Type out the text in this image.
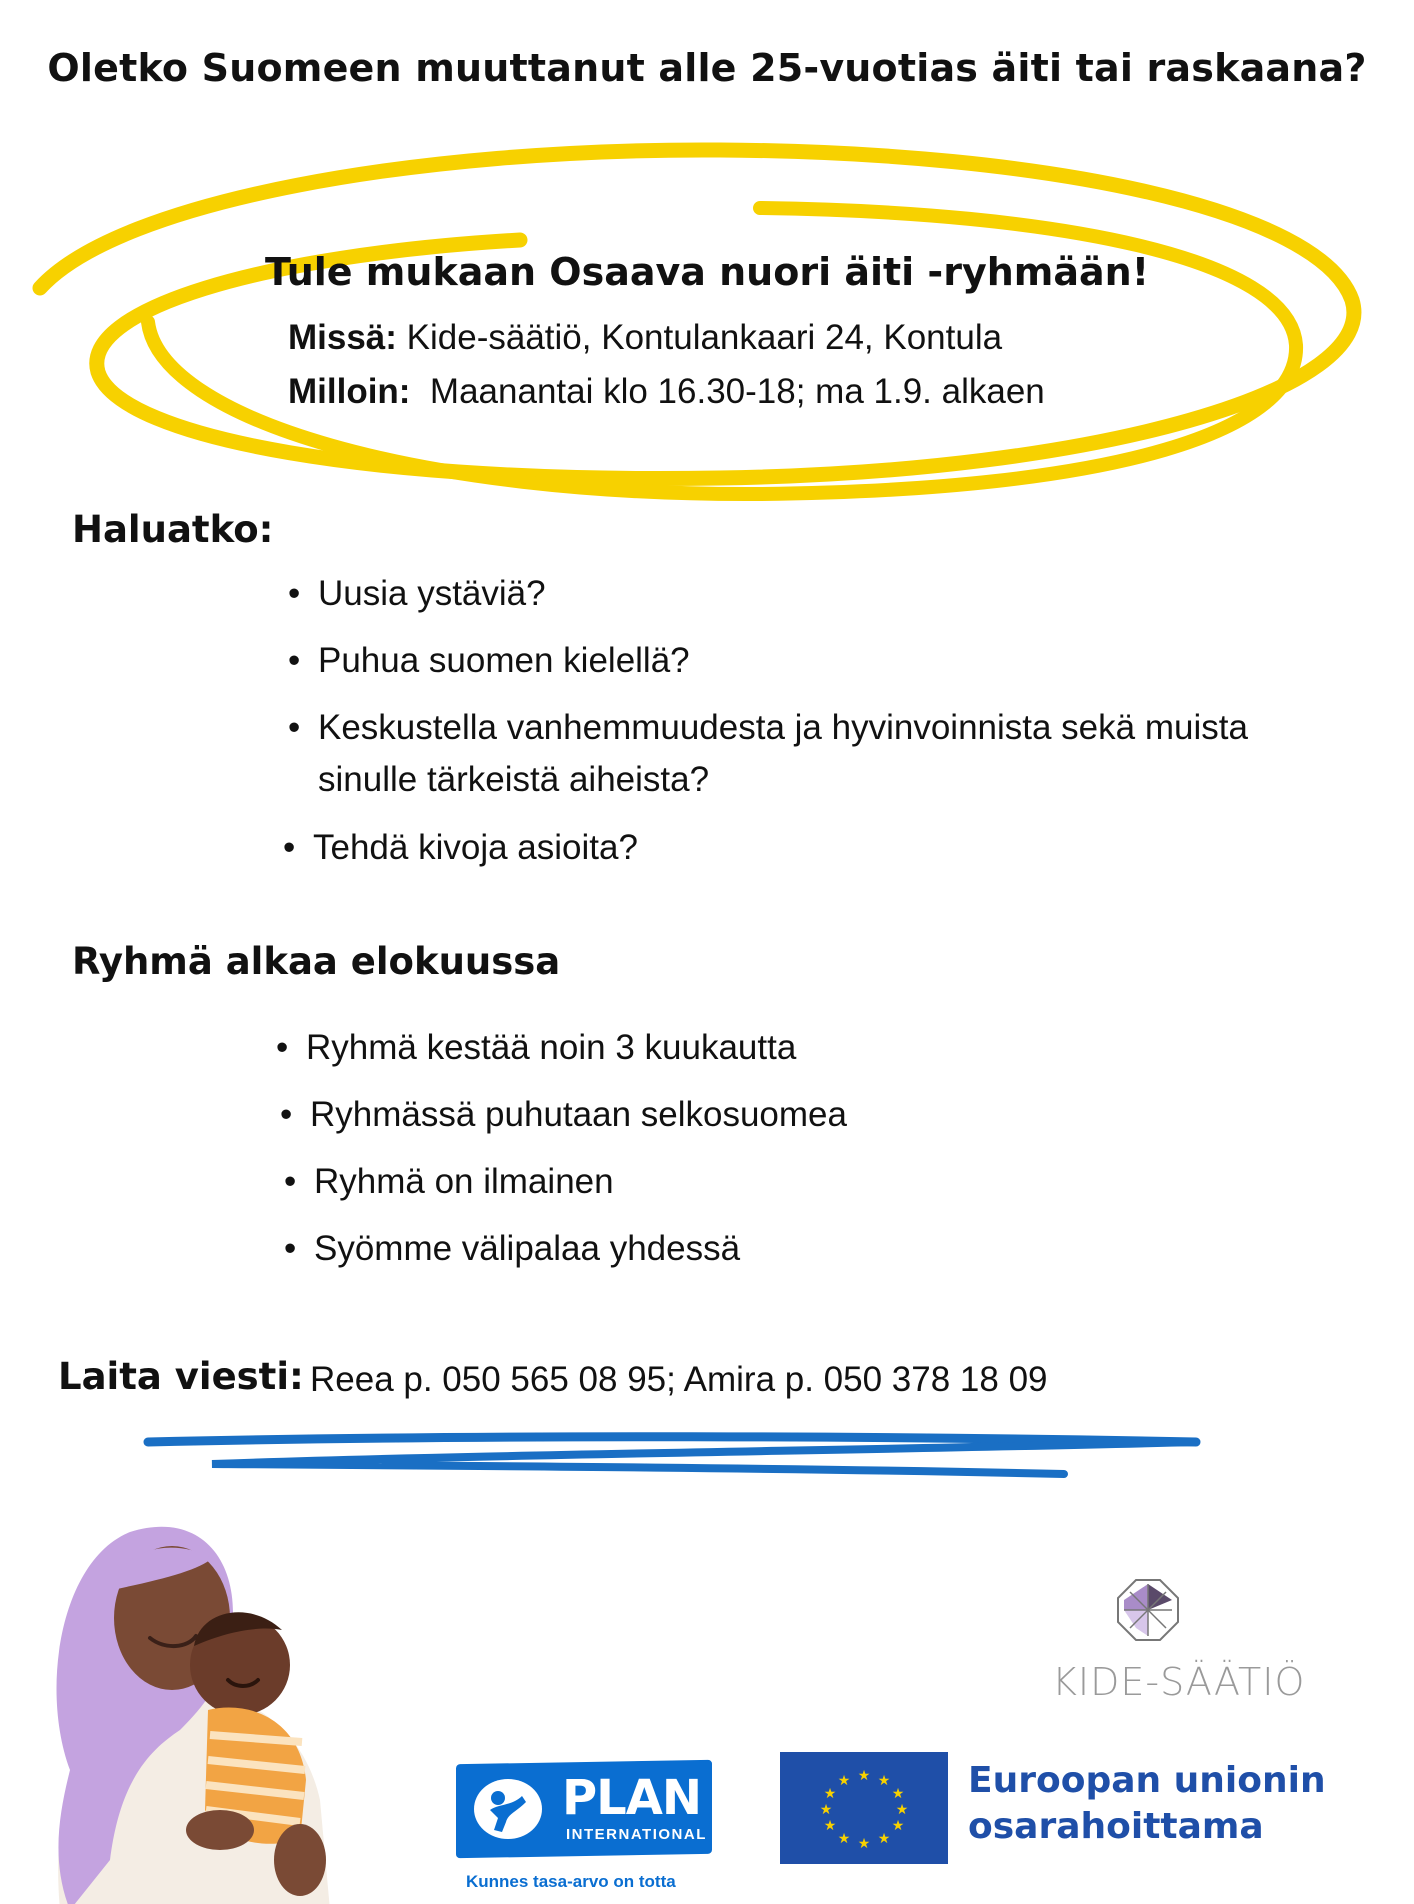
Oletko Suomeen muuttanut alle 25-vuotias äiti tai raskaana?
Tule mukaan Osaava nuori äiti -ryhmään!
Missä: Kide-säätiö, Kontulankaari 24, Kontula
Milloin: Maanantai klo 16.30-18; ma 1.9. alkaen
Haluatko:
• Uusia ystäviä?
• Puhua suomen kielellä?
• Keskustella vanhemmuudesta ja hyvinvoinnista sekä muista
sinulle tärkeistä aiheista?
• Tehdä kivoja asioita?
Ryhmä alkaa elokuussa
• Ryhmä kestää noin 3 kuukautta
• Ryhmässä puhutaan selkosuomea
• Ryhmä on ilmainen
• Syömme välipalaa yhdessä
Laita viesti: Reea p. 050 565 08 95; Amira p. 050 378 18 09
KIDE-SÄÄTIÖ
PLAN
INTERNATIONAL
Kunnes tasa-arvo on totta
★ ★
★
★
★
★
★
★
★
★
★
★	Euroopan unionin
osarahoittama
